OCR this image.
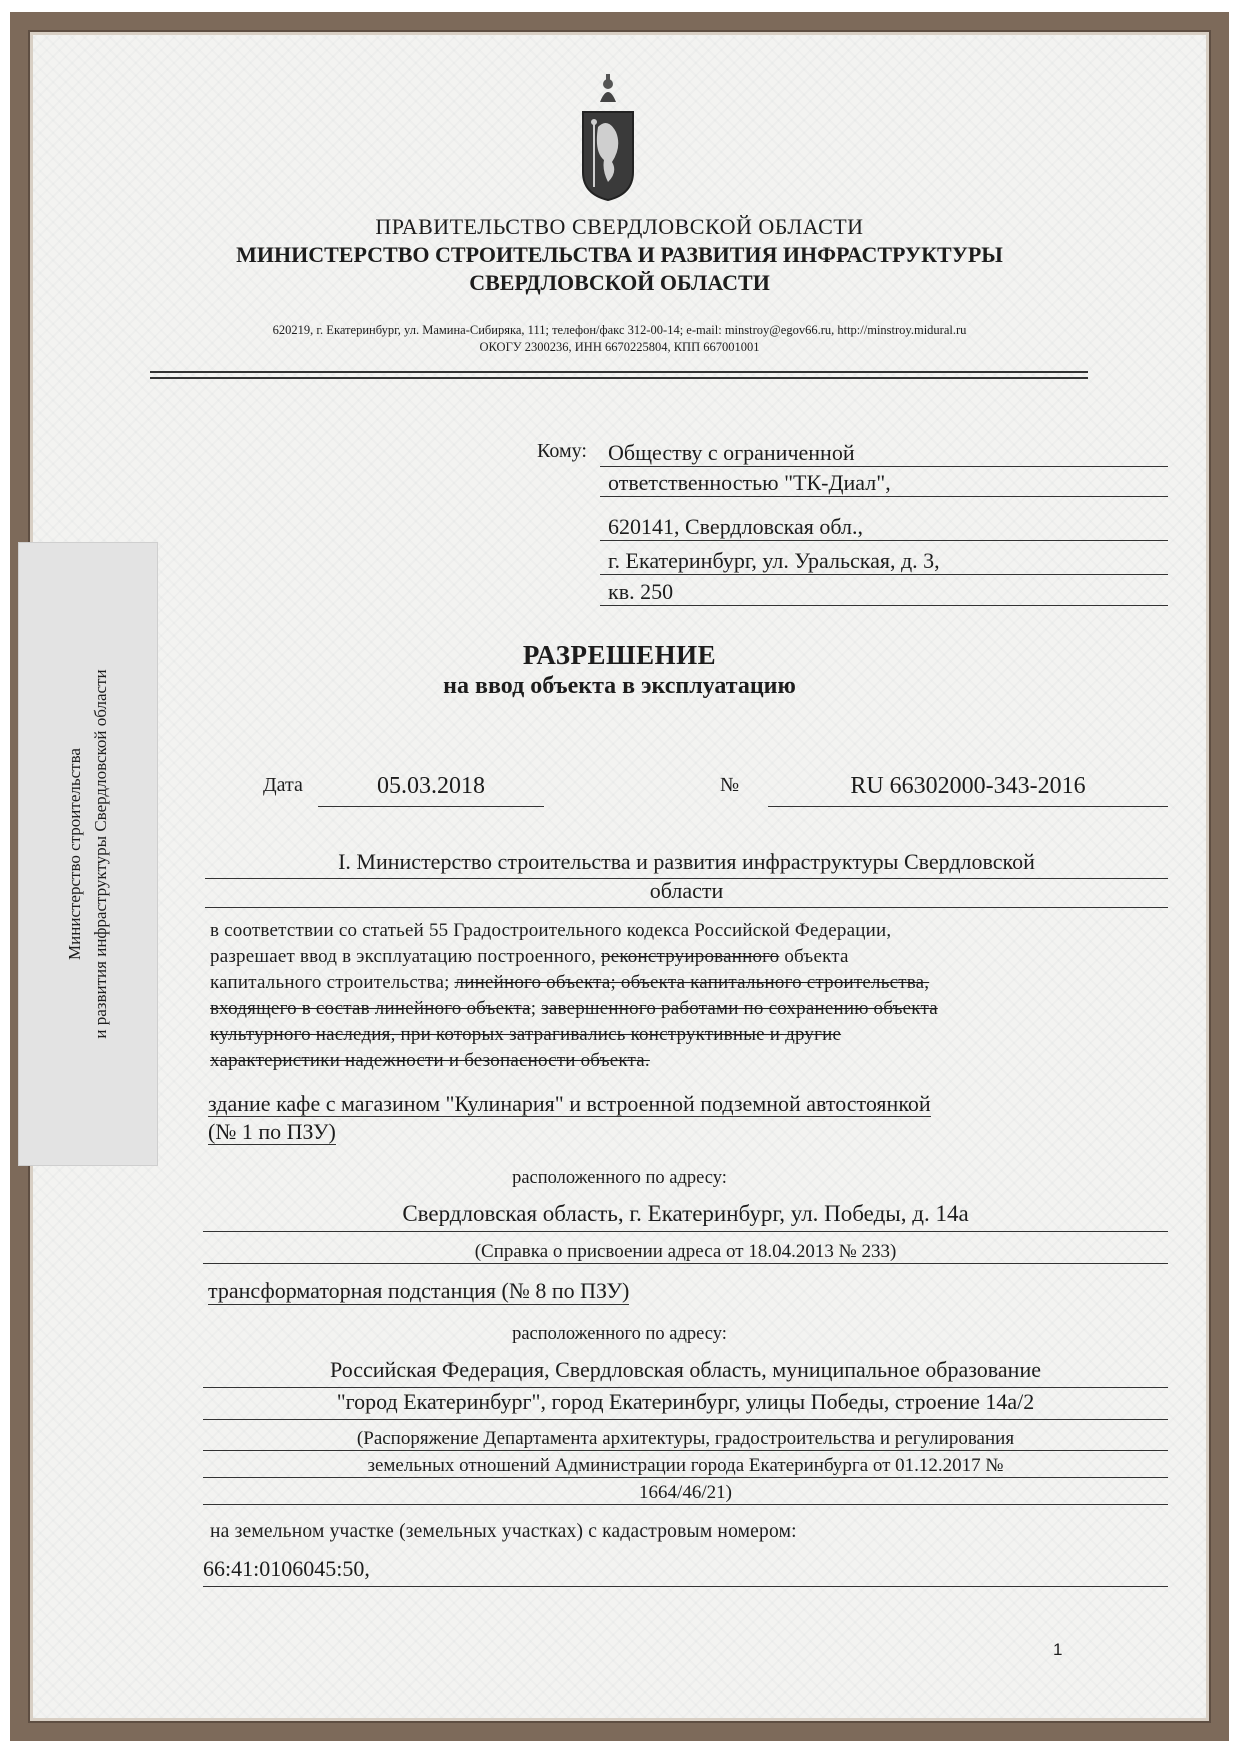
ПРАВИТЕЛЬСТВО СВЕРДЛОВСКОЙ ОБЛАСТИ
МИНИСТЕРСТВО СТРОИТЕЛЬСТВА И РАЗВИТИЯ ИНФРАСТРУКТУРЫ
СВЕРДЛОВСКОЙ ОБЛАСТИ
620219, г. Екатеринбург, ул. Мамина-Сибиряка, 111; телефон/факс 312-00-14; e-mail: minstroy@egov66.ru, http://minstroy.midural.ru
ОКОГУ 2300236, ИНН 6670225804, КПП 667001001
Кому: Обществу с ограниченной
ответственностью "ТК-Диал",
620141, Свердловская обл.,
г. Екатеринбург, ул. Уральская, д. 3,
кв. 250
Министерство строительства и развития инфраструктуры Свердловской области
РАЗРЕШЕНИЕ
на ввод объекта в эксплуатацию
Дата	05.03.2018	№	RU 66302000-343-2016
I. Министерство строительства и развития инфраструктуры Свердловской
области
в соответствии со статьей 55 Градостроительного кодекса Российской Федерации,
разрешает ввод в эксплуатацию построенного, реконструированного объекта
капитального строительства; линейного объекта; объекта капитального строительства,
входящего в состав линейного объекта; завершенного работами по сохранению объекта
культурного наследия, при которых затрагивались конструктивные и другие
характеристики надежности и безопасности объекта.
здание кафе с магазином "Кулинария" и встроенной подземной автостоянкой
(№ 1 по ПЗУ)
расположенного по адресу:
Свердловская область, г. Екатеринбург, ул. Победы, д. 14а
(Справка о присвоении адреса от 18.04.2013 № 233)
трансформаторная подстанция (№ 8 по ПЗУ)
расположенного по адресу:
Российская Федерация, Свердловская область, муниципальное образование
"город Екатеринбург", город Екатеринбург, улицы Победы, строение 14а/2
(Распоряжение Департамента архитектуры, градостроительства и регулирования
земельных отношений Администрации города Екатеринбурга от 01.12.2017 №
1664/46/21)
на земельном участке (земельных участках) с кадастровым номером:
66:41:0106045:50,
1
